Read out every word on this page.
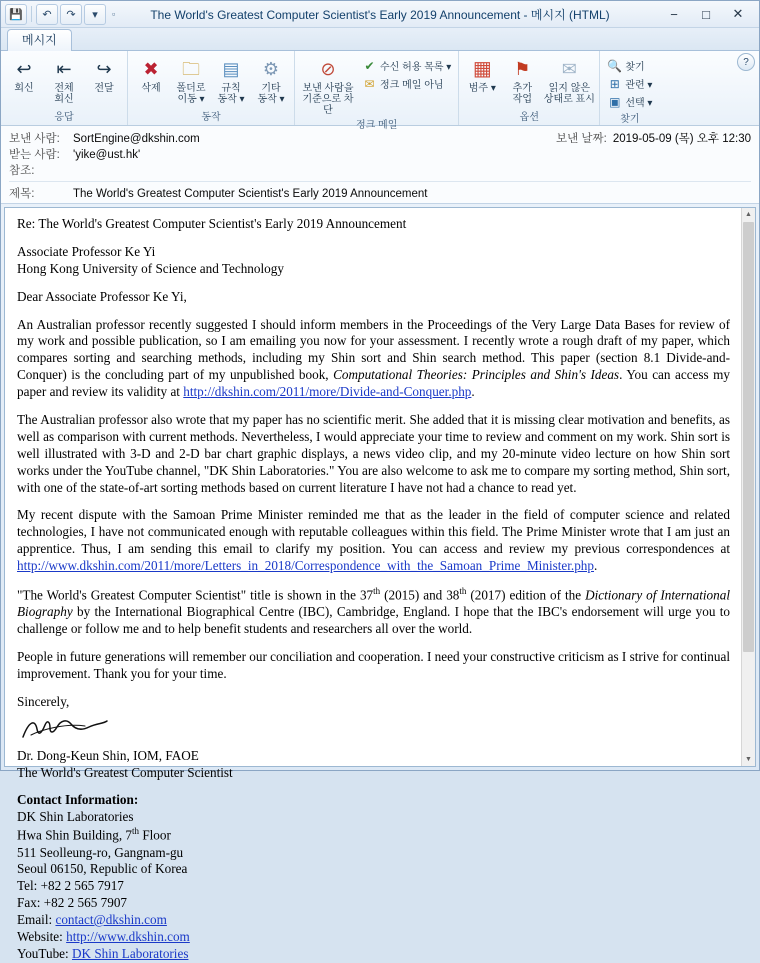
💾	↶	↷	▾	▫	The World's Greatest Computer Scientist's Early 2019 Announcement - 메시지 (HTML)	−	□	✕
메시지
↩
회신
⇤
전체
회신
↪
전달
응답
✖
삭제
🗀
폴더로
이동 ▾
▤
규칙
동작 ▾
⚙
기타
동작 ▾
동작
⊘
보낸 사람을
기준으로 차단
✔ 수신 허용 목록 ▾
✉ 정크 메일 아님
정크 메일
▦
범주 ▾
⚑
추가
작업
✉
읽지 않은
상태로 표시
옵션
🔍 찾기
⊞ 관련 ▾
▣ 선택 ▾
찾기
?
보낸 사람:	SortEngine@dkshin.com	보낸 날짜: 2019-05-09 (목) 오후 12:30
받는 사람:	'yike@ust.hk'
참조:
제목:	The World's Greatest Computer Scientist's Early 2019 Announcement

Re: The World's Greatest Computer Scientist's Early 2019 Announcement

Associate Professor Ke Yi

Hong Kong University of Science and Technology

Dear Associate Professor Ke Yi,

An Australian professor recently suggested I should inform members in the Proceedings of the Very Large Data Bases for review of my work and possible publication, so I am emailing you now for your assessment. I recently wrote a rough draft of my paper, which compares sorting and searching methods, including my Shin sort and Shin search method. This paper (section 8.1 Divide-and-Conquer) is the concluding part of my unpublished book, Computational Theories: Principles and Shin's Ideas. You can access my paper and review its validity at http://dkshin.com/2011/more/Divide-and-Conquer.php.

The Australian professor also wrote that my paper has no scientific merit. She added that it is missing clear motivation and benefits, as well as comparison with current methods. Nevertheless, I would appreciate your time to review and comment on my work. Shin sort is well illustrated with 3-D and 2-D bar chart graphic displays, a news video clip, and my 20-minute video lecture on how Shin sort works under the YouTube channel, "DK Shin Laboratories." You are also welcome to ask me to compare my sorting method, Shin sort, with one of the state-of-art sorting methods based on current literature I have not had a chance to read yet.

My recent dispute with the Samoan Prime Minister reminded me that as the leader in the field of computer science and related technologies, I have not communicated enough with reputable colleagues within this field. The Prime Minister wrote that I am just an apprentice. Thus, I am sending this email to clarify my position. You can access and review my previous correspondences at http://www.dkshin.com/2011/more/Letters_in_2018/Correspondence_with_the_Samoan_Prime_Minister.php.

"The World's Greatest Computer Scientist" title is shown in the 37th (2015) and 38th (2017) edition of the Dictionary of International Biography by the International Biographical Centre (IBC), Cambridge, England. I hope that the IBC's endorsement will urge you to challenge or follow me and to help benefit students and researchers all over the world.

People in future generations will remember our conciliation and cooperation. I need your constructive criticism as I strive for continual improvement. Thank you for your time.

Sincerely,

Dr. Dong-Keun Shin, IOM, FAOE

The World's Greatest Computer Scientist

Contact Information:

DK Shin Laboratories

Hwa Shin Building, 7th Floor

511 Seolleung-ro, Gangnam-gu

Seoul 06150, Republic of Korea

Tel: +82 2 565 7917

Fax: +82 2 565 7907

Email: contact@dkshin.com

Website: http://www.dkshin.com

YouTube: DK Shin Laboratories

▲
▼
